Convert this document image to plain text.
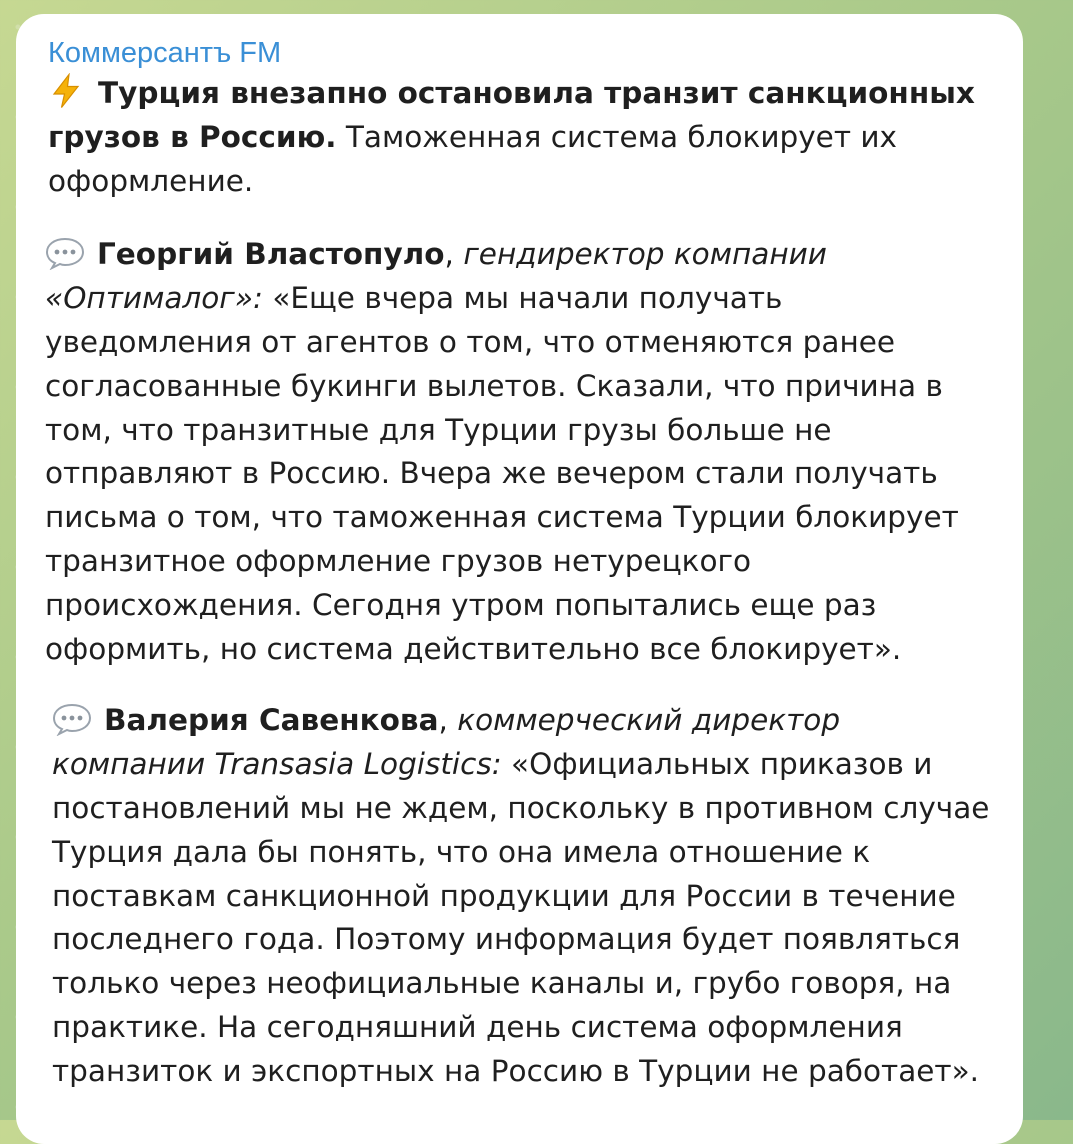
Коммерсантъ FM

Турция внезапно остановила транзит санкционных грузов в Россию. Таможенная система блокирует их оформление.

Георгий Властопуло, гендиректор компании «Оптималог»: «Еще вчера мы начали получать уведомления от агентов о том, что отменяются ранее согласованные букинги вылетов. Сказали, что причина в том, что транзитные для Турции грузы больше не отправляют в Россию. Вчера же вечером стали получать письма о том, что таможенная система Турции блокирует транзитное оформление грузов нетурецкого происхождения. Сегодня утром попытались еще раз оформить, но система действительно все блокирует».

Валерия Савенкова, коммерческий директор компании Transasia Logistics: «Официальных приказов и постановлений мы не ждем, поскольку в противном случае Турция дала бы понять, что она имела отношение к поставкам санкционной продукции для России в течение последнего года. Поэтому информация будет появляться только через неофициальные каналы и, грубо говоря, на практике. На сегодняшний день система оформления транзиток и экспортных на Россию в Турции не работает».
